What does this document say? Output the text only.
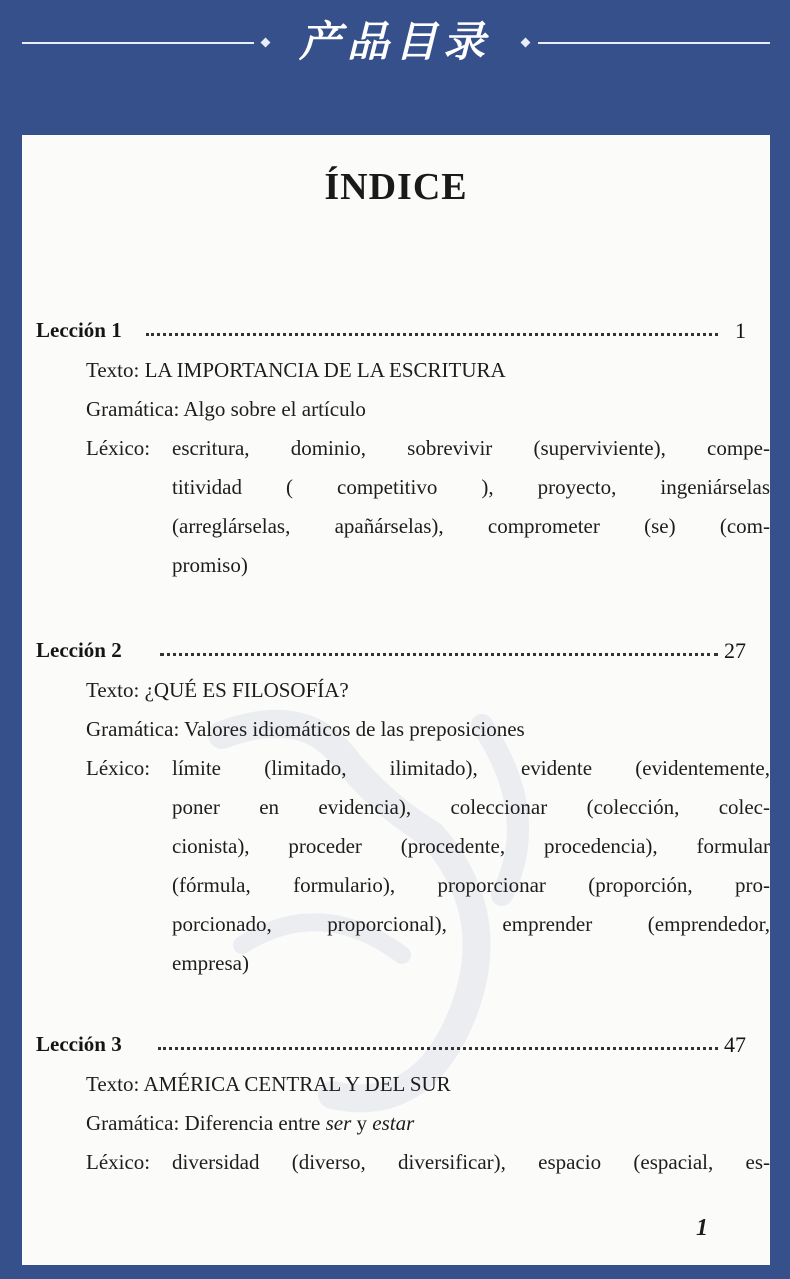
产品目录
ÍNDICE
Lección 1	1
Texto: LA IMPORTANCIA DE LA ESCRITURA
Gramática: Algo sobre el artículo
Léxico:	escritura, dominio, sobrevivir (superviviente), compe-
titividad ( competitivo ), proyecto, ingeniárselas
(arreglárselas, apañárselas), comprometer (se) (com-
promiso)
Lección 2	27
Texto: ¿QUÉ ES FILOSOFÍA?
Gramática: Valores idiomáticos de las preposiciones
Léxico:	límite (limitado, ilimitado), evidente (evidentemente,
poner en evidencia), coleccionar (colección, colec-
cionista), proceder (procedente, procedencia), formular
(fórmula, formulario), proporcionar (proporción, pro-
porcionado, proporcional), emprender (emprendedor,
empresa)
Lección 3	47
Texto: AMÉRICA CENTRAL Y DEL SUR
Gramática: Diferencia entre ser y estar
Léxico:	diversidad (diverso, diversificar), espacio (espacial, es-
1
